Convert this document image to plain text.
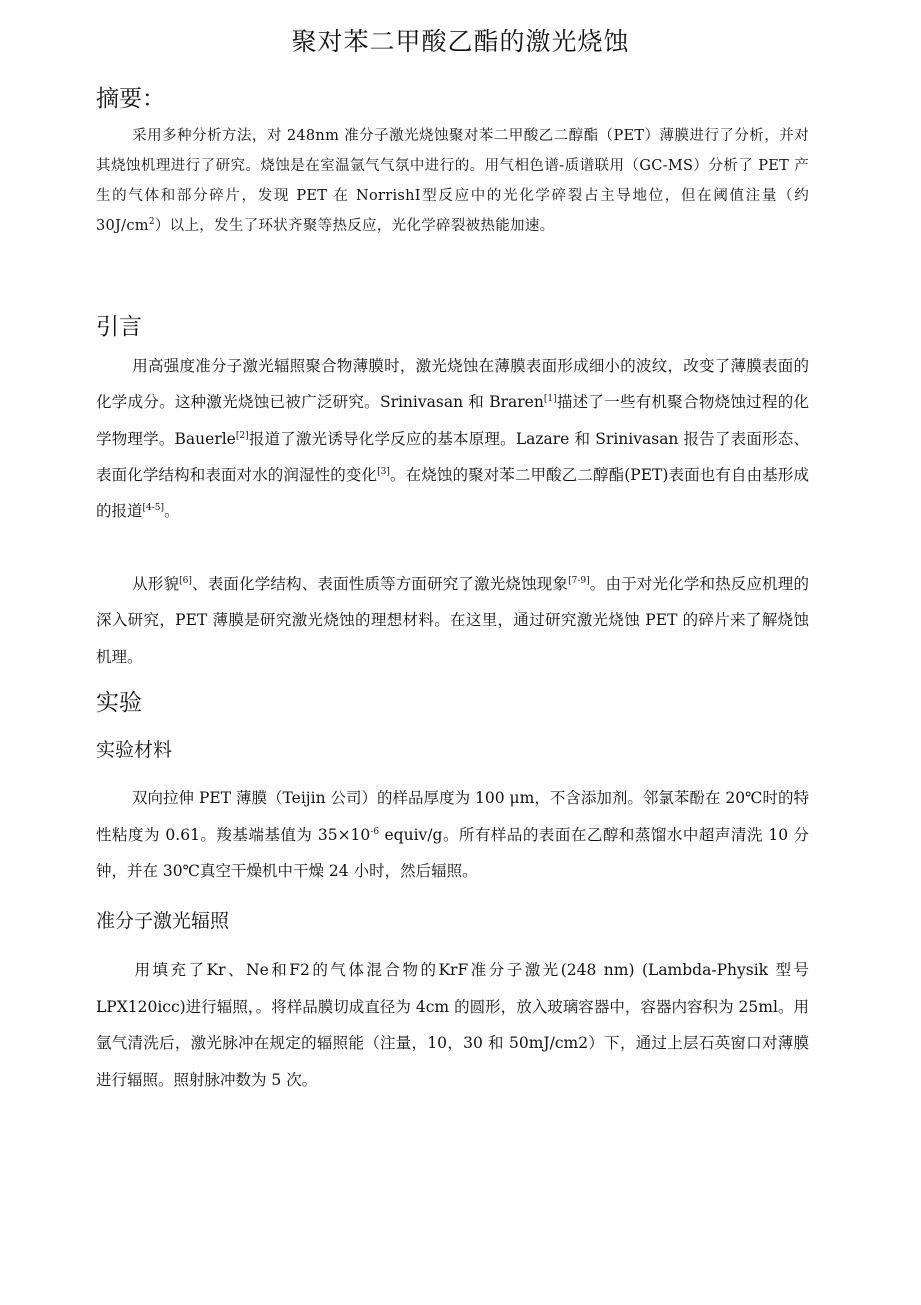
聚对苯二甲酸乙酯的激光烧蚀
摘要：

采用多种分析方法，对 248nm 准分子激光烧蚀聚对苯二甲酸乙二醇酯（PET）薄膜进行了分析，并对其烧蚀机理进行了研究。烧蚀是在室温氩气气氛中进行的。用气相色谱-质谱联用（GC-MS）分析了 PET 产生的气体和部分碎片，发现 PET 在 NorrishI型反应中的光化学碎裂占主导地位，但在阈值注量（约 $30J/cm^2$）以上，发生了环状齐聚等热反应，光化学碎裂被热能加速。

引言

用高强度准分子激光辐照聚合物薄膜时，激光烧蚀在薄膜表面形成细小的波纹，改变了薄膜表面的化学成分。这种激光烧蚀已被广泛研究。Srinivasan 和 Braren[1]描述了一些有机聚合物烧蚀过程的化学物理学。Bauerle[2]报道了激光诱导化学反应的基本原理。Lazare 和 Srinivasan 报告了表面形态、表面化学结构和表面对水的润湿性的变化[3]。在烧蚀的聚对苯二甲酸乙二醇酯(PET)表面也有自由基形成的报道[4-5]。

从形貌[6]、表面化学结构、表面性质等方面研究了激光烧蚀现象[7-9]。由于对光化学和热反应机理的深入研究，PET 薄膜是研究激光烧蚀的理想材料。在这里，通过研究激光烧蚀 PET 的碎片来了解烧蚀机理。

实验
实验材料

双向拉伸 PET 薄膜（Teijin 公司）的样品厚度为 100 μm，不含添加剂。邻氯苯酚在 20℃时的特性粘度为 0.61。羧基端基值为 $35\times 10^{-6}$ equiv/g。所有样品的表面在乙醇和蒸馏水中超声清洗 10 分钟，并在 30℃真空干燥机中干燥 24 小时，然后辐照。

准分子激光辐照

用填充了Kr、Ne和F2的气体混合物的KrF准分子激光(248 nm) (Lambda-Physik 型号 LPX120icc)进行辐照，。将样品膜切成直径为 4cm 的圆形，放入玻璃容器中，容器内容积为 25ml。用氩气清洗后，激光脉冲在规定的辐照能（注量，10，30 和 50mJ/cm2）下，通过上层石英窗口对薄膜进行辐照。照射脉冲数为 5 次。
